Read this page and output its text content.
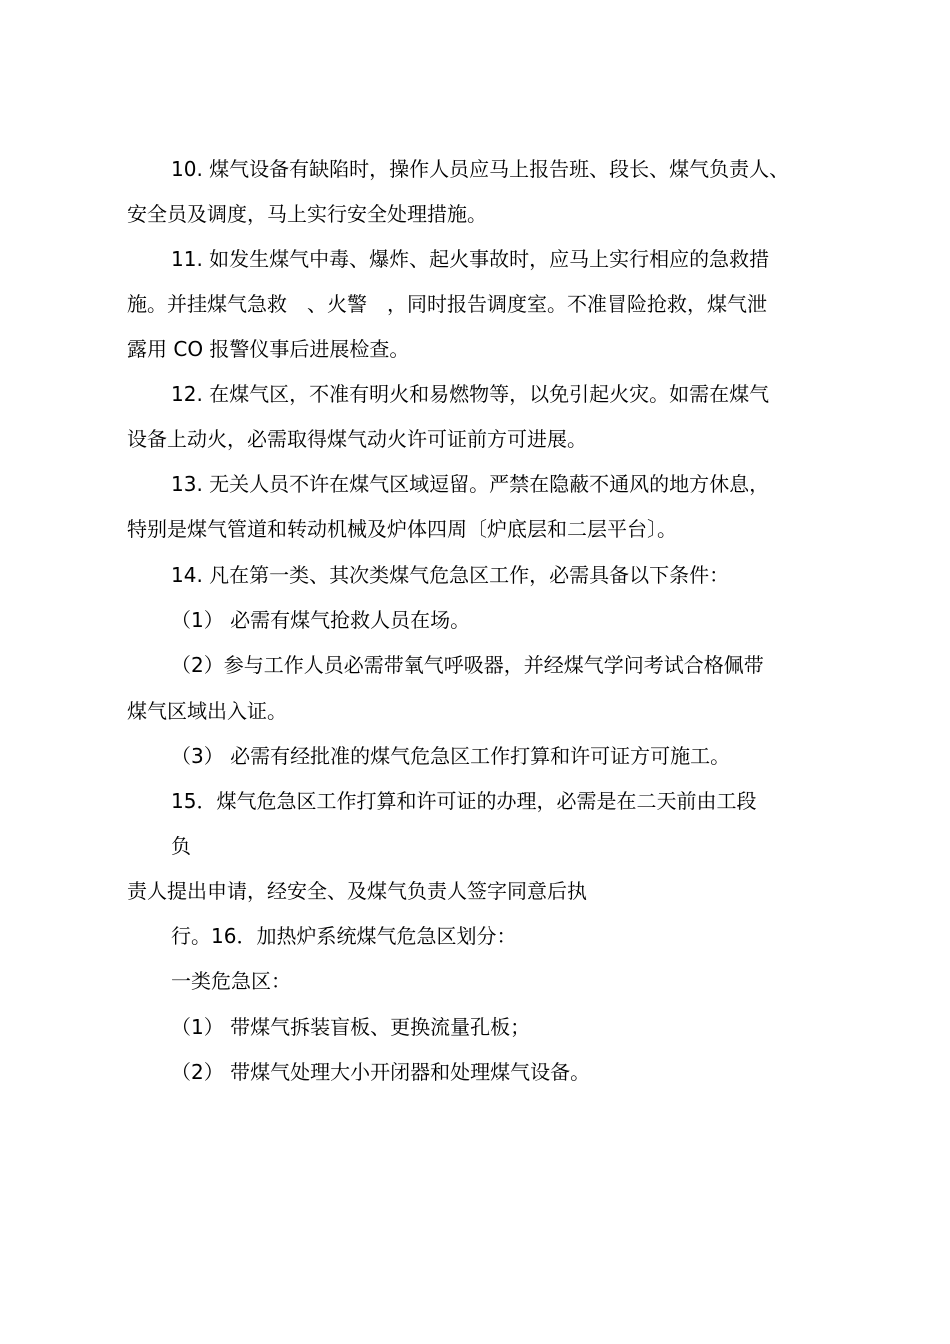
10. 煤气设备有缺陷时，操作人员应马上报告班、段长、煤气负责人、
安全员及调度，马上实行安全处理措施。
11. 如发生煤气中毒、爆炸、起火事故时，应马上实行相应的急救措
施。并挂煤气急救　、火警　，同时报告调度室。不准冒险抢救，煤气泄
露用 CO 报警仪事后进展检查。
12. 在煤气区，不准有明火和易燃物等，以免引起火灾。如需在煤气
设备上动火，必需取得煤气动火许可证前方可进展。
13. 无关人员不许在煤气区域逗留。严禁在隐蔽不通风的地方休息，
特别是煤气管道和转动机械及炉体四周〔炉底层和二层平台〕。
14. 凡在第一类、其次类煤气危急区工作，必需具备以下条件：
（1） 必需有煤气抢救人员在场。
（2）参与工作人员必需带氧气呼吸器，并经煤气学问考试合格佩带
煤气区域出入证。
（3） 必需有经批准的煤气危急区工作打算和许可证方可施工。
15．煤气危急区工作打算和许可证的办理，必需是在二天前由工段
负
责人提出申请，经安全、及煤气负责人签字同意后执
行。16．加热炉系统煤气危急区划分：
一类危急区：
（1） 带煤气拆装盲板、更换流量孔板；
（2） 带煤气处理大小开闭器和处理煤气设备。
